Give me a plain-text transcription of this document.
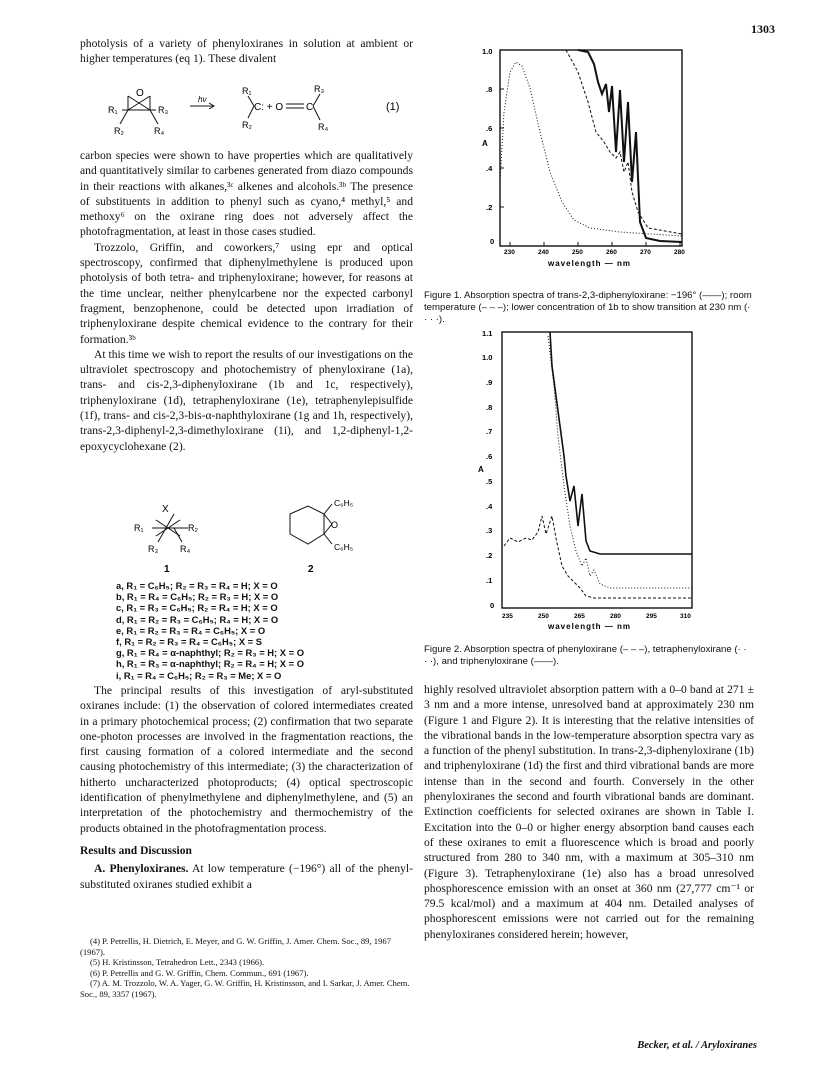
1303

photolysis of a variety of phenyloxiranes in solution at ambient or higher temperatures (eq 1). These divalent

O
R₁	R₃
R₂	R₄
hν
R₁
C: + O C
R₃
R₂	R₄
(1)

carbon species were shown to have properties which are qualitatively and quantitatively similar to carbenes generated from diazo compounds in their reactions with alkanes,³ᶜ alkenes and alcohols.³ᵇ The presence of substituents in addition to phenyl such as cyano,⁴ methyl,⁵ and methoxy⁶ on the oxirane ring does not adversely affect the photofragmentation, at least in those cases studied.

Trozzolo, Griffin, and coworkers,⁷ using epr and optical spectroscopy, confirmed that diphenylmethylene is produced upon photolysis of both tetra- and triphenyloxirane; however, for reasons at the time unclear, neither phenylcarbene nor the expected carbonyl fragment, benzophenone, could be detected upon irradiation of triphenyloxirane despite chemical evidence to the contrary for their formation.³ᵇ

At this time we wish to report the results of our investigations on the ultraviolet spectroscopy and photochemistry of phenyloxirane (1a), trans- and cis-2,3-diphenyloxirane (1b and 1c, respectively), triphenyloxirane (1d), tetraphenyloxirane (1e), tetraphenylepisulfide (1f), trans- and cis-2,3-bis-α-naphthyloxirane (1g and 1h, respectively), trans-2,3-diphenyl-2,3-dimethyloxirane (1i), and 1,2-diphenyl-1,2-epoxycyclohexane (2).

X
R₁	R₂
R₃ R₄
C₆H₅
O
C₆H₅
1	2
a, R₁ = C₆H₅; R₂ = R₃ = R₄ = H; X = O
b, R₁ = R₄ = C₆H₅; R₂ = R₃ = H; X = O
c, R₁ = R₃ = C₆H₅; R₂ = R₄ = H; X = O
d, R₁ = R₂ = R₃ = C₆H₅; R₄ = H; X = O
e, R₁ = R₂ = R₃ = R₄ = C₆H₅; X = O
f, R₁ = R₂ = R₃ = R₄ = C₆H₅; X = S
g, R₁ = R₄ = α-naphthyl; R₂ = R₃ = H; X = O
h, R₁ = R₃ = α-naphthyl; R₂ = R₄ = H; X = O
i, R₁ = R₄ = C₆H₅; R₂ = R₃ = Me; X = O

The principal results of this investigation of aryl-substituted oxiranes include: (1) the observation of colored intermediates created in a primary photochemical process; (2) confirmation that two separate one-photon processes are involved in the fragmentation reactions, the first causing formation of a colored intermediate and the second causing photochemistry of this intermediate; (3) the characterization of hitherto uncharacterized photoproducts; (4) optical spectroscopic identification of phenylmethylene and diphenylmethylene, and (5) an interpretation of the photochemistry and thermochemistry of the products obtained in the photofragmentation process.

Results and Discussion

A. Phenyloxiranes. At low temperature (−196°) all of the phenyl-substituted oxiranes studied exhibit a

(4) P. Petrellis, H. Dietrich, E. Meyer, and G. W. Griffin, J. Amer. Chem. Soc., 89, 1967 (1967).

(5) H. Kristinsson, Tetrahedron Lett., 2343 (1966).

(6) P. Petrellis and G. W. Griffin, Chem. Commun., 691 (1967).

(7) A. M. Trozzolo, W. A. Yager, G. W. Griffin, H. Kristinsson, and I. Sarkar, J. Amer. Chem. Soc., 89, 3357 (1967).

1.0
.8
.6
.4
.2
0
A
230	240	250	260	270	280
wavelength — nm
Figure 1. Absorption spectra of trans-2,3-diphenyloxirane: −196° (——); room temperature (– – –); lower concentration of 1b to show transition at 230 nm (· · · ·).
1.1
1.0
.9
.8
.7
.6
.5
.4
.3
.2
.1
0
A
235	250	265	280	295	310
wavelength — nm
Figure 2. Absorption spectra of phenyloxirane (– – –), tetraphenyloxirane (· · · ·), and triphenyloxirane (——).

highly resolved ultraviolet absorption pattern with a 0–0 band at 271 ± 3 nm and a more intense, unresolved band at approximately 230 nm (Figure 1 and Figure 2). It is interesting that the relative intensities of the vibrational bands in the low-temperature absorption spectra vary as a function of the phenyl substitution. In trans-2,3-diphenyloxirane (1b) and triphenyloxirane (1d) the first and third vibrational bands are more intense than in the second and fourth. Conversely in the other phenyloxiranes the second and fourth vibrational bands are dominant. Extinction coefficients for selected oxiranes are shown in Table I. Excitation into the 0–0 or higher energy absorption band causes each of these oxiranes to emit a fluorescence which is broad and poorly structured from 280 to 340 nm, with a maximum at 305–310 nm (Figure 3). Tetraphenyloxirane (1e) also has a broad unresolved phosphorescence emission with an onset at 360 nm (27,777 cm⁻¹ or 79.5 kcal/mol) and a maximum at 404 nm. Detailed analyses of phosphorescent emissions were not carried out for the remaining phenyloxiranes considered herein; however,

Becker, et al. / Aryloxiranes
